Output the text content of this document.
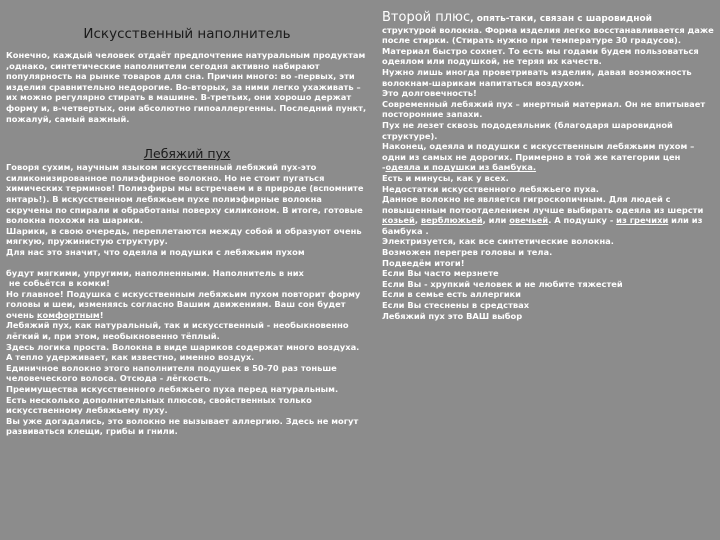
Искусственный наполнитель

Конечно, каждый человек отдаёт предпочтение натуральным продуктам ,однако, синтетические наполнители сегодня активно набирают популярность на рынке товаров для сна. Причин много: во -первых, эти изделия сравнительно недорогие. Во-вторых, за ними легко ухаживать – их можно регулярно стирать в машине. В-третьих, они хорошо держат форму и, в-четвертых, они абсолютно гипоаллергенны. Последний пункт, пожалуй, самый важный.

Лебяжий пух

Говоря сухим, научным языком искусственный лебяжий пух-это силиконизированное полиэфирное волокно. Но не стоит пугаться химических терминов! Полиэфиры мы встречаем и в природе (вспомните янтарь!). В искусственном лебяжьем пухе полиэфирные волокна скручены по спирали и обработаны поверху силиконом. В итоге, готовые волокна похожи на шарики.
Шарики, в свою очередь, переплетаются между собой и образуют очень мягкую, пружинистую структуру.
Для нас это значит, что одеяла и подушки с лебяжьим пухом

будут мягкими, упругими, наполненными. Наполнитель в них
не собьётся в комки!
Но главное! Подушка с искусственным лебяжьим пухом повторит форму головы и шеи, изменяясь согласно Вашим движениям. Ваш сон будет очень комфортным!
Лебяжий пух, как натуральный, так и искусственный - необыкновенно лёгкий и, при этом, необыкновенно тёплый.
Здесь логика проста. Волокна в виде шариков содержат много воздуха. А тепло удерживает, как известно, именно воздух.
Единичное волокно этого наполнителя подушек в 50-70 раз тоньше человеческого волоса. Отсюда - лёгкость.
Преимущества искусственного лебяжьего пуха перед натуральным.
Есть несколько дополнительных плюсов, свойственных только искусственному лебяжьему пуху.
Вы уже догадались, это волокно не вызывает аллергию. Здесь не могут развиваться клещи, грибы и гнили.

Второй плюс, опять-таки, связан с шаровидной

структурой волокна. Форма изделия легко восстанавливается даже после стирки. (Стирать нужно при температуре 30 градусов).
Материал быстро сохнет. То есть мы годами будем пользоваться одеялом или подушкой, не теряя их качеств.
Нужно лишь иногда проветривать изделия, давая возможность волокнам-шарикам напитаться воздухом.
Это долговечность!
Современный лебяжий пух – инертный материал. Он не впитывает посторонние запахи.
Пух не лезет сквозь пододеяльник (благодаря шаровидной структуре).
Наконец, одеяла и подушки с искусственным лебяжьим пухом – одни из самых не дорогих. Примерно в той же категории цен -одеяла и подушки из бамбука.
Есть и минусы, как у всех.
Недостатки искусственного лебяжьего пуха.
Данное волокно не является гигроскопичным. Для людей с повышенным потоотделением лучше выбирать одеяла из шерсти козьей, верблюжьей, или овечьей. А подушку - из гречихи или из бамбука .
Электризуется, как все синтетические волокна.
Возможен перегрев головы и тела.
Подведём итоги!
Если Вы часто мерзнете
Если Вы - хрупкий человек и не любите тяжестей
Если в семье есть аллергики
Если Вы стеснены в средствах
Лебяжий пух это ВАШ выбор
